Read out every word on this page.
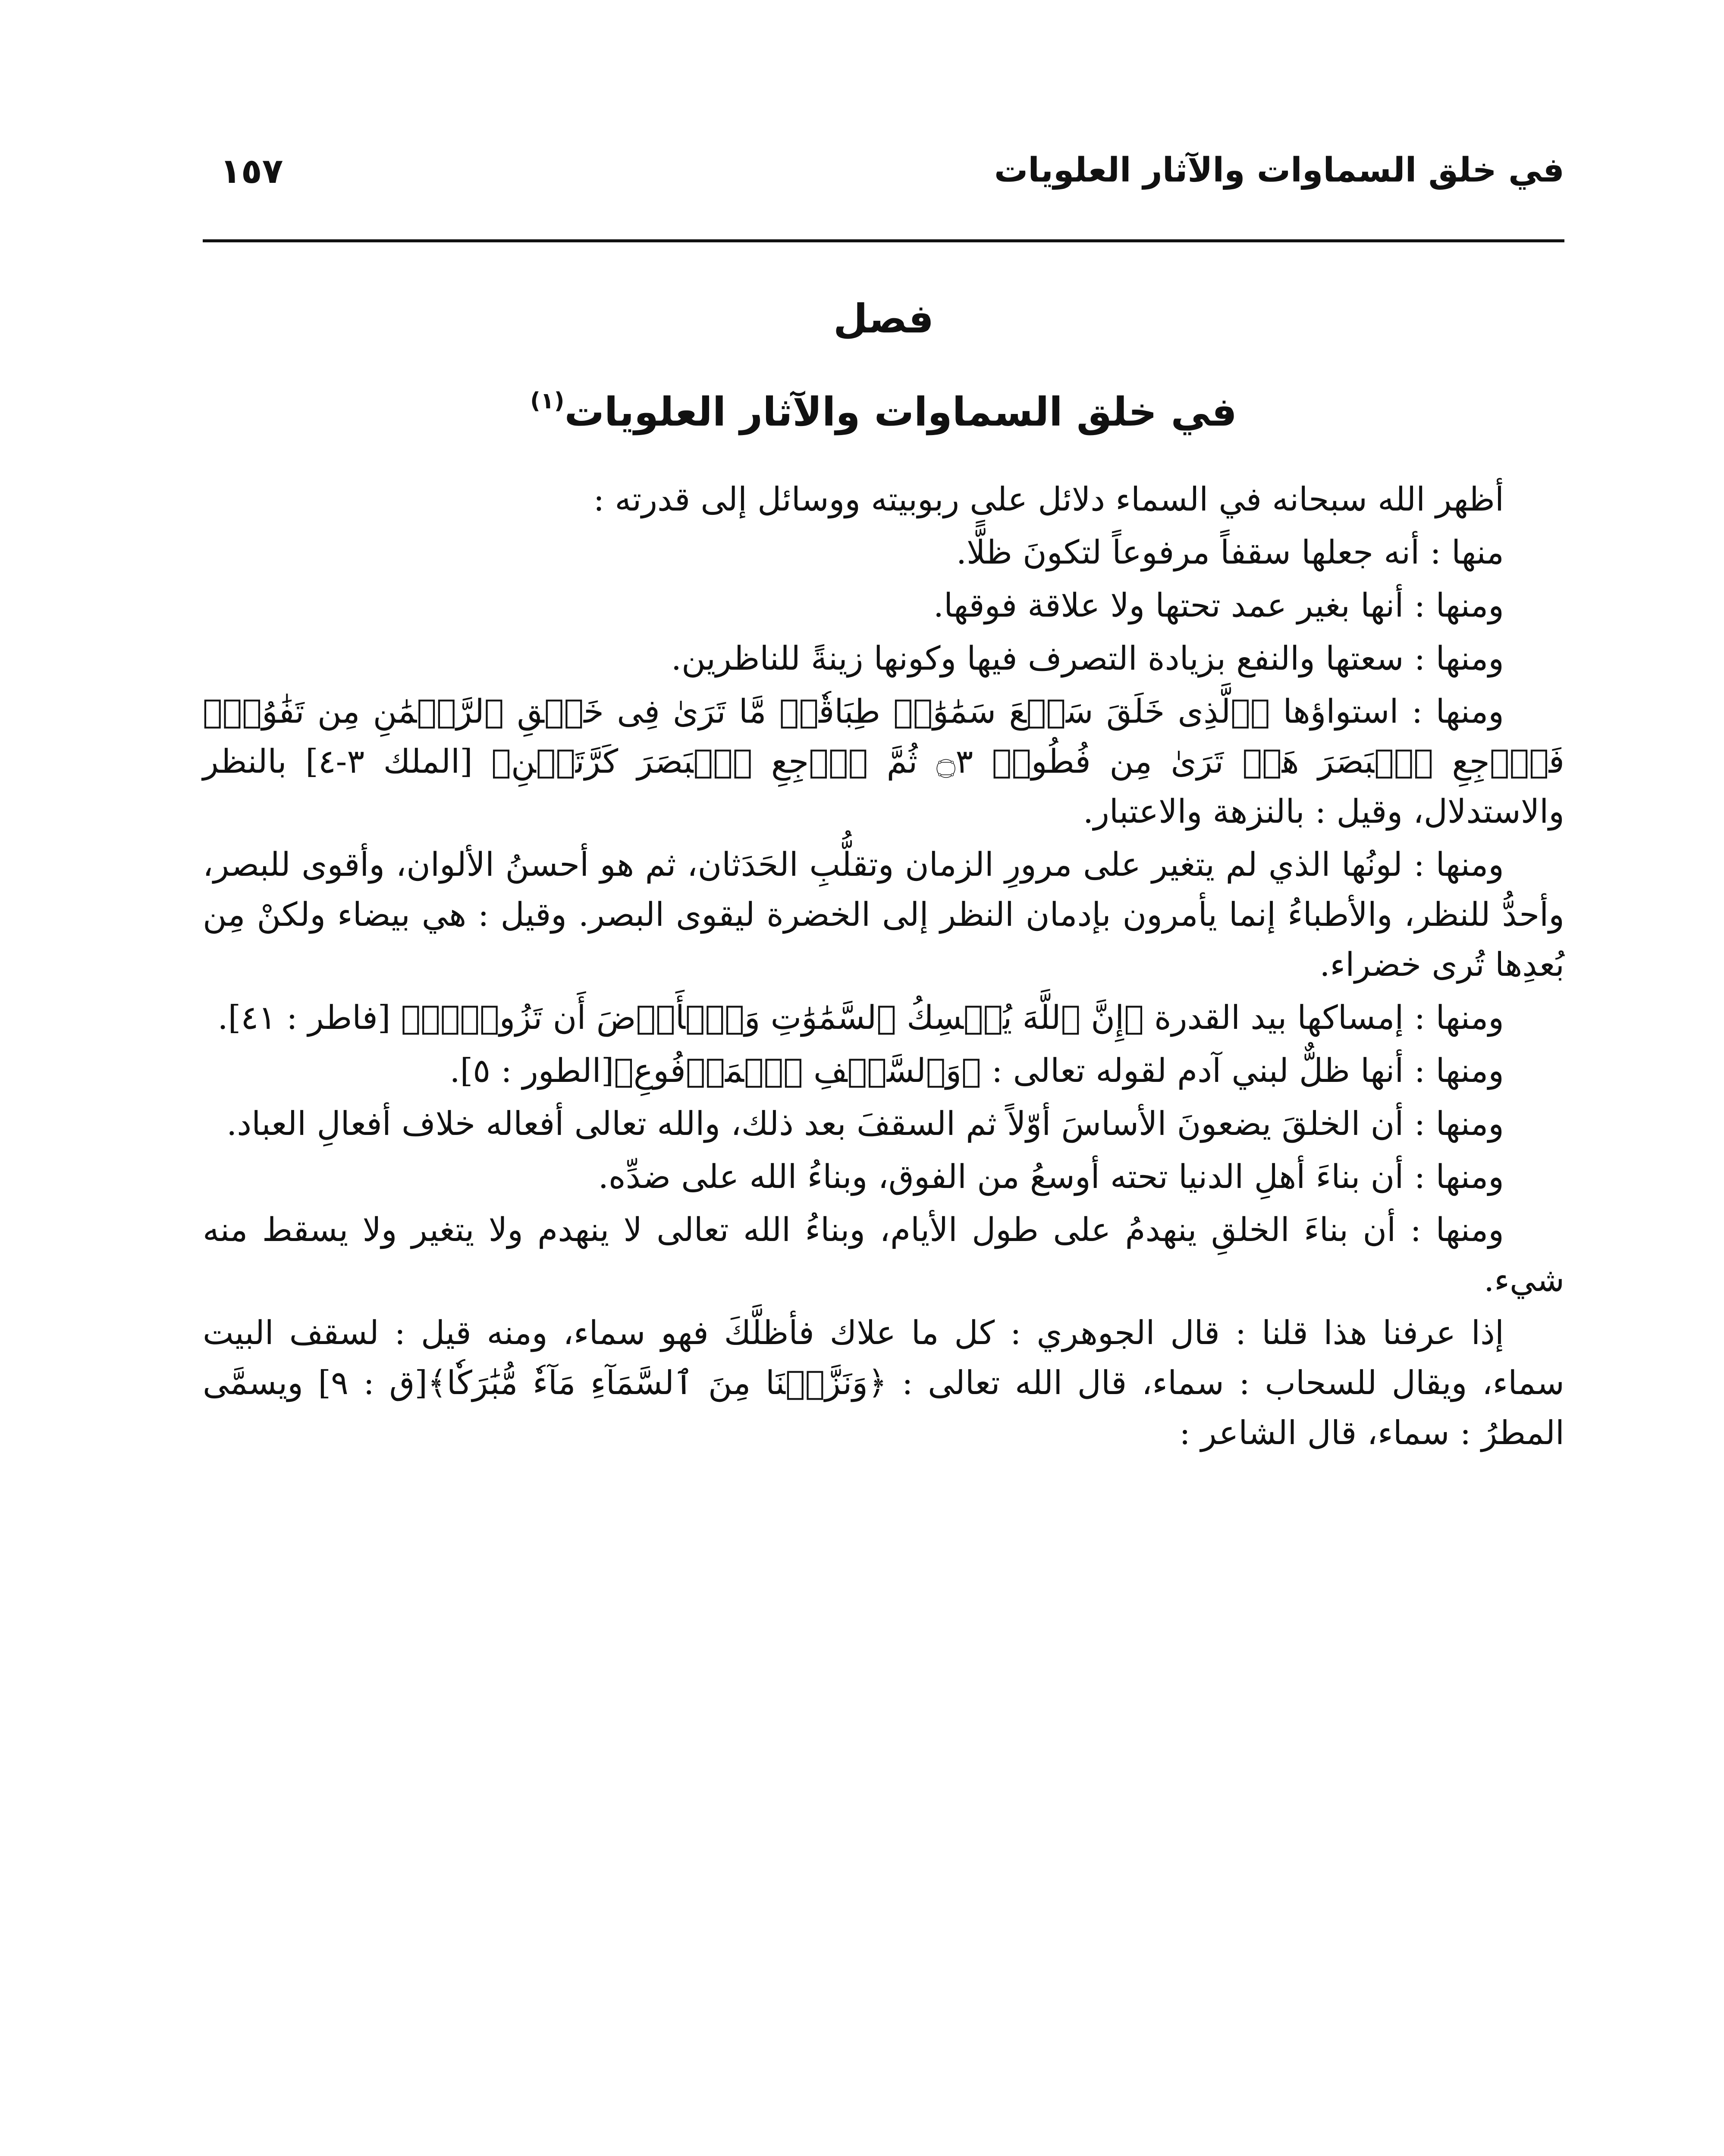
في خلق السماوات والآثار العلويات
١٥٧
فصل
في خلق السماوات والآثار العلويات$^{(١)}$

أظهر الله سبحانه في السماء دلائل على ربوبيته ووسائل إلى قدرته :

منها : أنه جعلها سقفاً مرفوعاً لتكونَ ظلًّا.

ومنها : أنها بغير عمد تحتها ولا علاقة فوقها.

ومنها : سعتها والنفع بزيادة التصرف فيها وكونها زينةً للناظرين.

ومنها : استواؤها ﴿ٱلَّذِى خَلَقَ سَبۡعَ سَمَٰوَٰتٖ طِبَاقٗاۖ مَّا تَرَىٰ فِى خَلۡقِ ٱلرَّحۡمَٰنِ مِن تَفَٰوُتٖۖ فَٱرۡجِعِ ٱلۡبَصَرَ هَلۡ تَرَىٰ مِن فُطُورٖ ۝٣ ثُمَّ ٱرۡجِعِ ٱلۡبَصَرَ كَرَّتَيۡنِ﴾ [الملك ٣-٤] بالنظر والاستدلال، وقيل : بالنزهة والاعتبار.

ومنها : لونُها الذي لم يتغير على مرورِ الزمان وتقلُّبِ الحَدَثان، ثم هو أحسنُ الألوان، وأقوى للبصر، وأحدُّ للنظر، والأطباءُ إنما يأمرون بإدمان النظر إلى الخضرة ليقوى البصر. وقيل : هي بيضاء ولكنْ مِن بُعدِها تُرى خضراء.

ومنها : إمساكها بيد القدرة ﴿إِنَّ ٱللَّهَ يُمۡسِكُ ٱلسَّمَٰوَٰتِ وَٱلۡأَرۡضَ أَن تَزُولَاۚ﴾ [فاطر : ٤١].

ومنها : أنها ظلٌّ لبني آدم لقوله تعالى : ﴿وَٱلسَّقۡفِ ٱلۡمَرۡفُوعِ﴾[الطور : ٥].

ومنها : أن الخلقَ يضعونَ الأساسَ أوّلاً ثم السقفَ بعد ذلك، والله تعالى أفعاله خلاف أفعالِ العباد.

ومنها : أن بناءَ أهلِ الدنيا تحته أوسعُ من الفوق، وبناءُ الله على ضدِّه.

ومنها : أن بناءَ الخلقِ ينهدمُ على طول الأيام، وبناءُ الله تعالى لا ينهدم ولا يتغير ولا يسقط منه شيء.

إذا عرفنا هذا قلنا : قال الجوهري : كل ما علاك فأظلَّكَ فهو سماء، ومنه قيل : لسقف البيت سماء، ويقال للسحاب : سماء، قال الله تعالى : ﴿وَنَزَّلۡنَا مِنَ ٱلسَّمَآءِ مَآءٗ مُّبَٰرَكٗا﴾[ق : ٩] ويسمَّى المطرُ : سماء، قال الشاعر :
